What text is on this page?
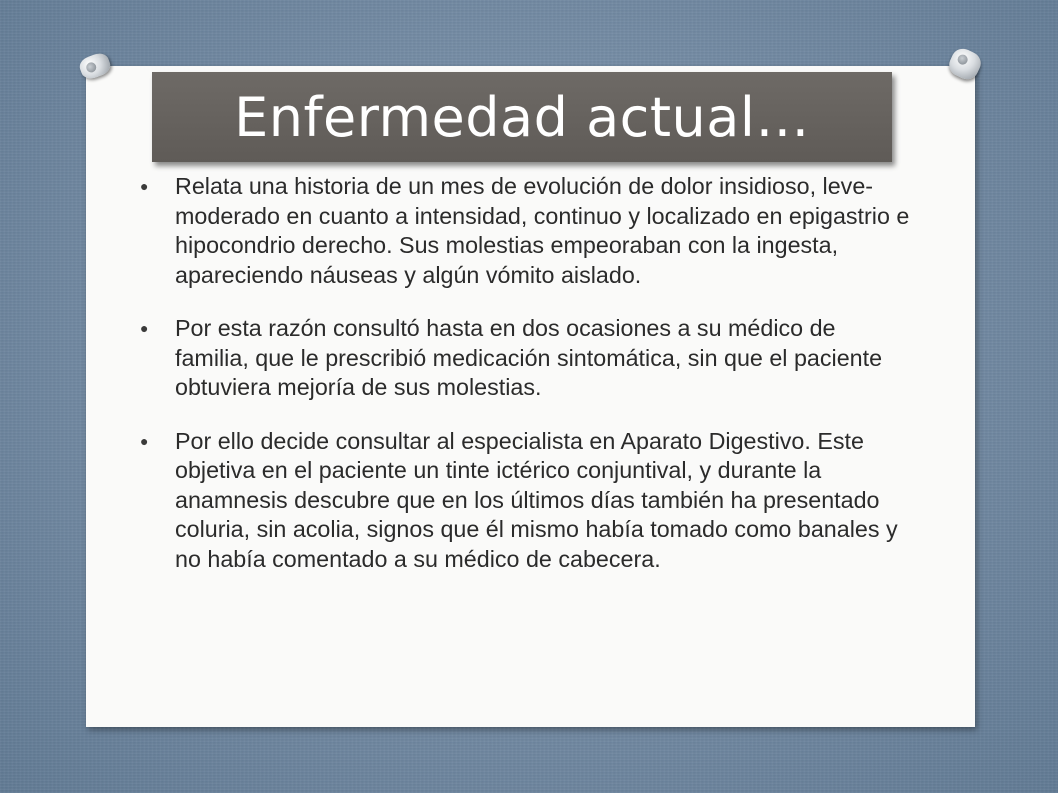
Enfermedad actual…
● Relata una historia de un mes de evolución de dolor insidioso, leve-moderado en cuanto a intensidad, continuo y localizado en epigastrio e hipocondrio derecho. Sus molestias empeoraban con la ingesta, apareciendo náuseas y algún vómito aislado.
● Por esta razón consultó hasta en dos ocasiones a su médico de familia, que le prescribió medicación sintomática, sin que el paciente obtuviera mejoría de sus molestias.
● Por ello decide consultar al especialista en Aparato Digestivo. Este objetiva en el paciente un tinte ictérico conjuntival, y durante la anamnesis descubre que en los últimos días también ha presentado coluria, sin acolia, signos que él mismo había tomado como banales y no había comentado a su médico de cabecera.
